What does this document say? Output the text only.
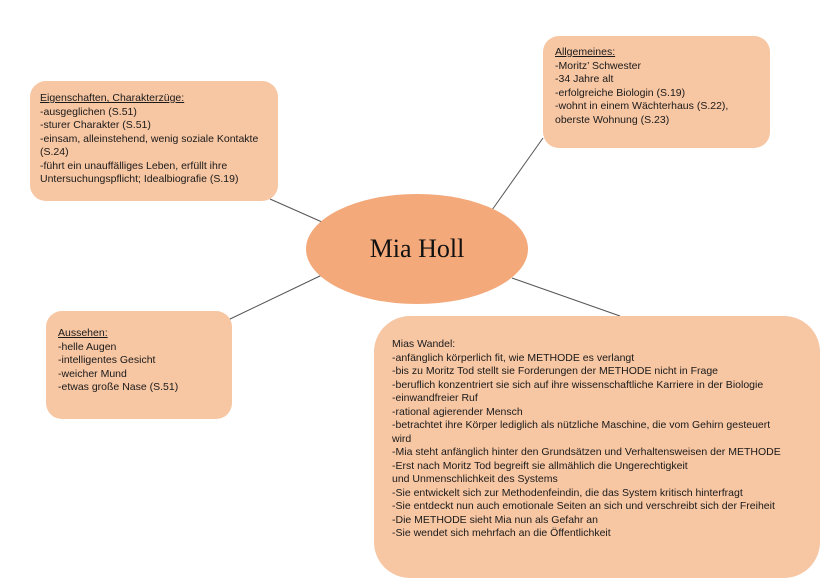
Mia Holl
Eigenschaften, Charakterzüge:
-ausgeglichen (S.51)
-sturer Charakter (S.51)
-einsam, alleinstehend, wenig soziale Kontakte
(S.24)
-führt ein unauffälliges Leben, erfüllt ihre
Untersuchungspflicht; Idealbiografie (S.19)
Allgemeines:
-Moritz’ Schwester
-34 Jahre alt
-erfolgreiche Biologin (S.19)
-wohnt in einem Wächterhaus (S.22),
oberste Wohnung (S.23)
Aussehen:
-helle Augen
-intelligentes Gesicht
-weicher Mund
-etwas große Nase (S.51)
Mias Wandel:
-anfänglich körperlich fit, wie METHODE es verlangt
-bis zu Moritz Tod stellt sie Forderungen der METHODE nicht in Frage
-beruflich konzentriert sie sich auf ihre wissenschaftliche Karriere in der Biologie
-einwandfreier Ruf
-rational agierender Mensch
-betrachtet ihre Körper lediglich als nützliche Maschine, die vom Gehirn gesteuert
wird
-Mia steht anfänglich hinter den Grundsätzen und Verhaltensweisen der METHODE
-Erst nach Moritz Tod begreift sie allmählich die Ungerechtigkeit
und Unmenschlichkeit des Systems
-Sie entwickelt sich zur Methodenfeindin, die das System kritisch hinterfragt
-Sie entdeckt nun auch emotionale Seiten an sich und verschreibt sich der Freiheit
-Die METHODE sieht Mia nun als Gefahr an
-Sie wendet sich mehrfach an die Öffentlichkeit
